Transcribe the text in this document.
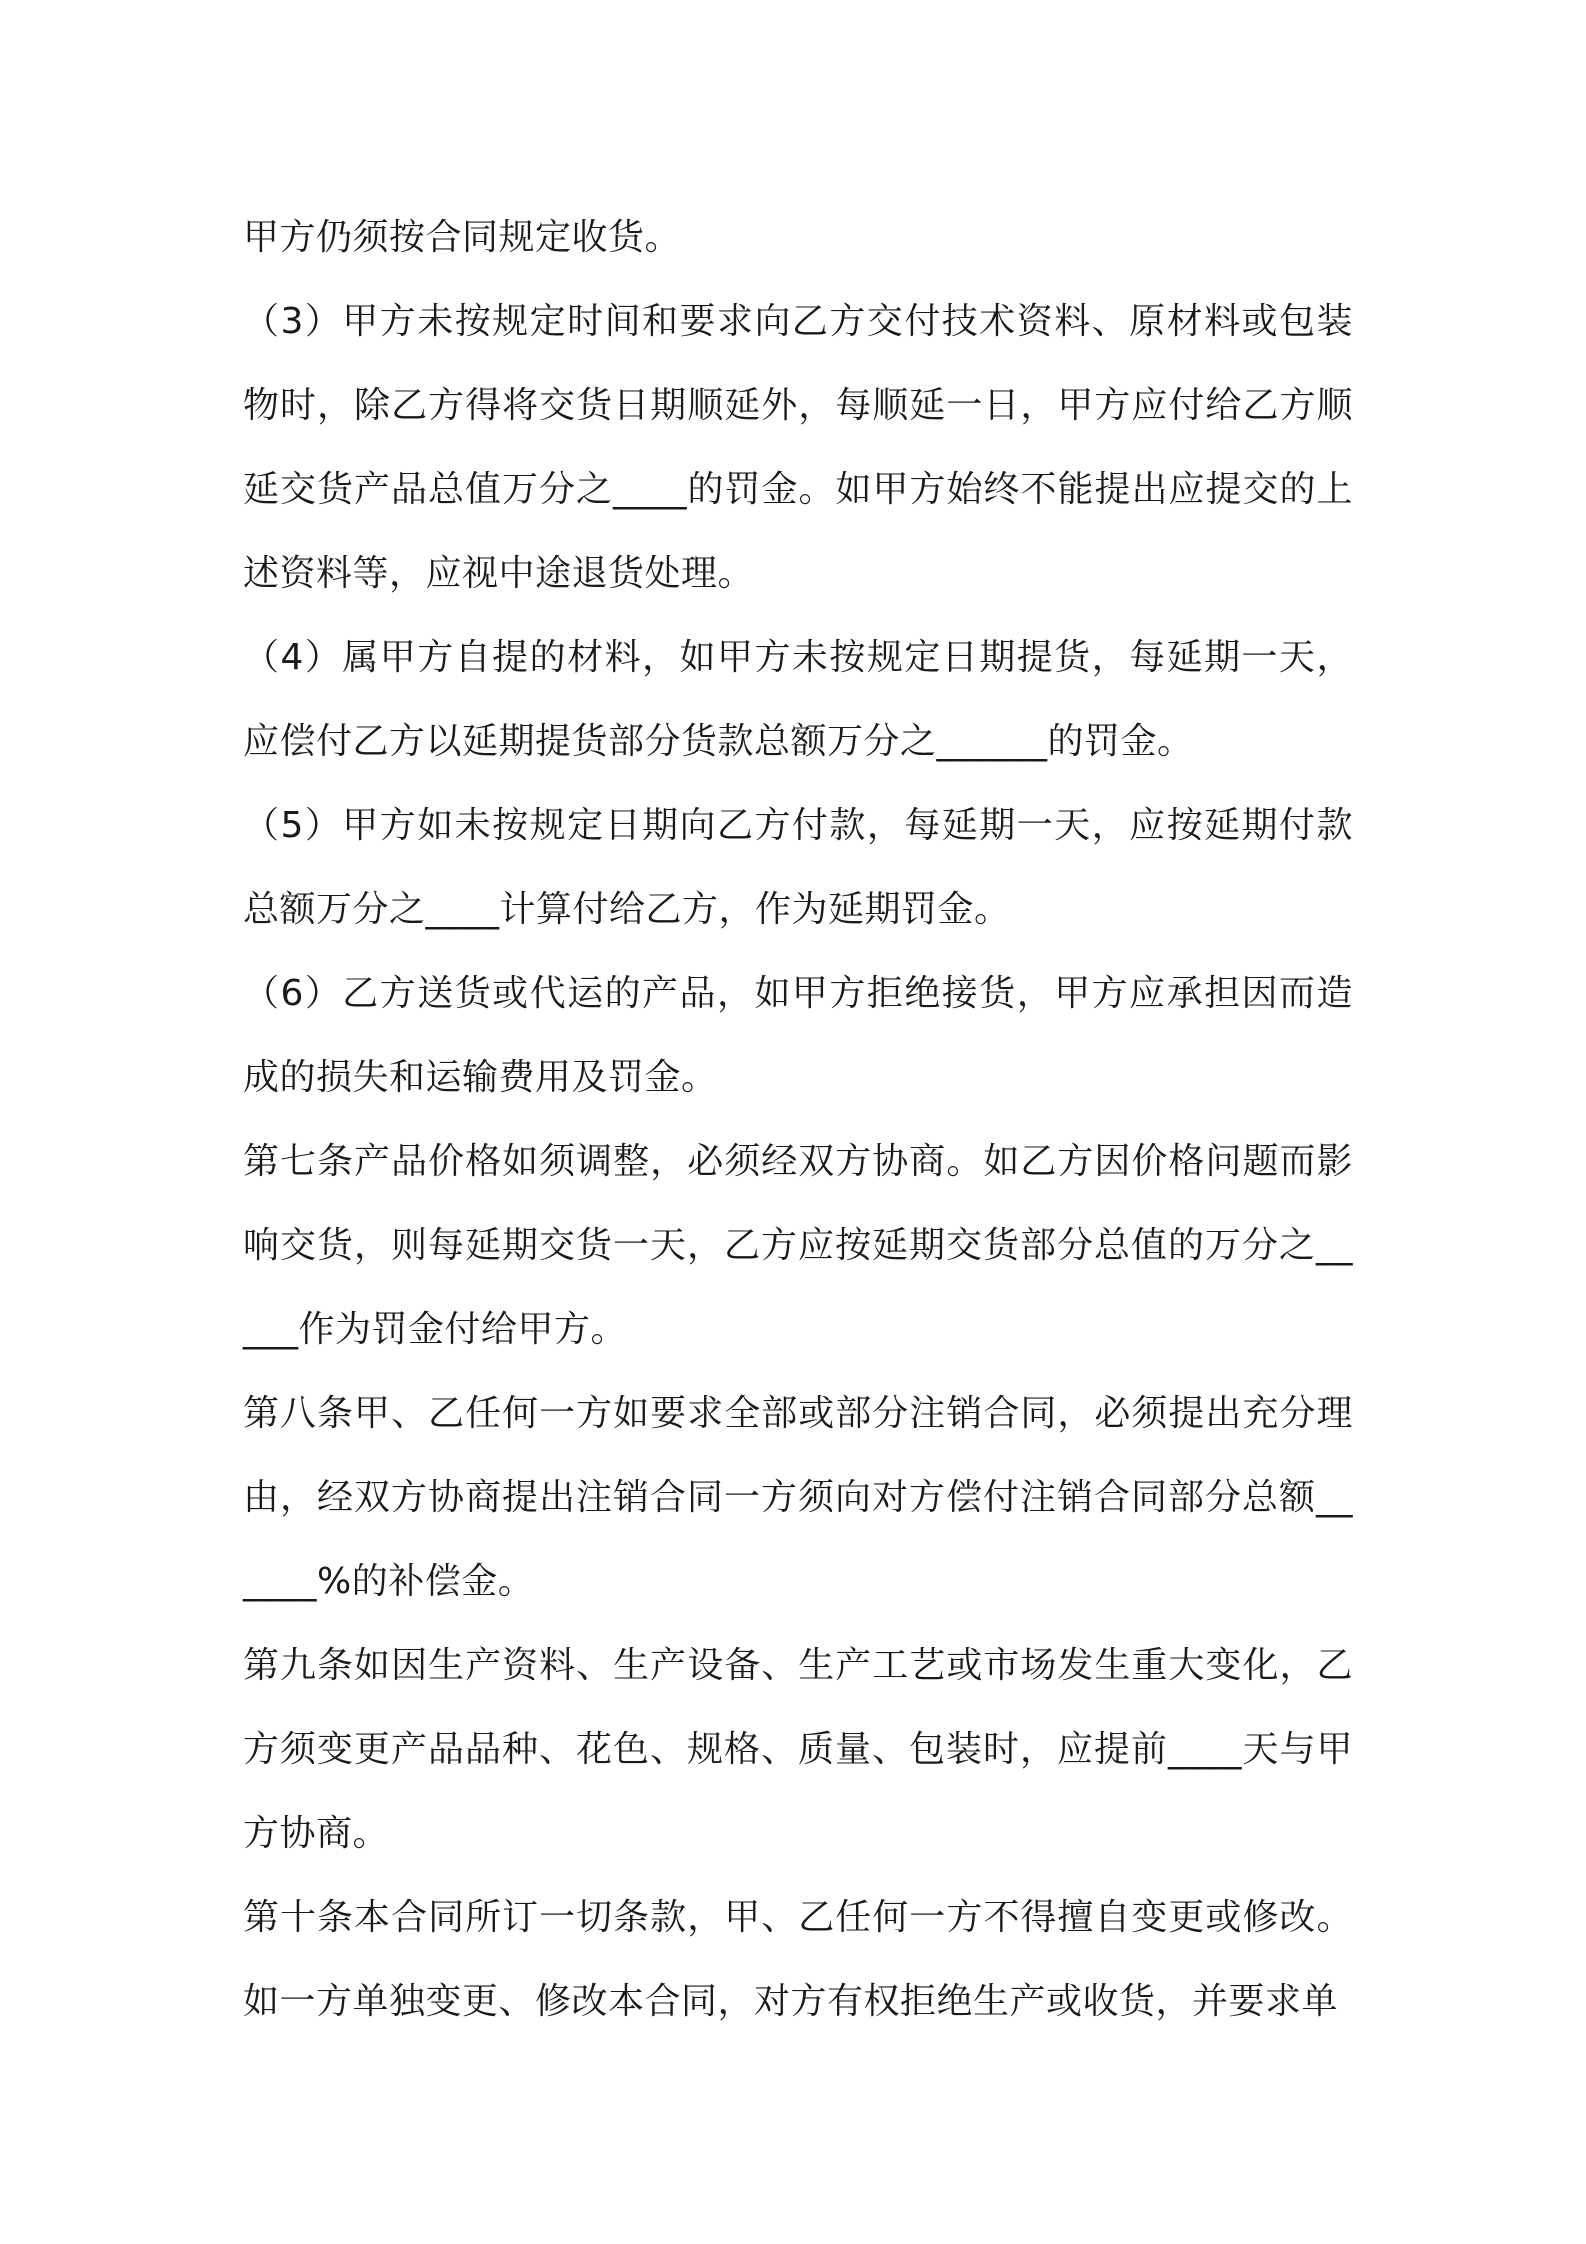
甲方仍须按合同规定收货。

（3）甲方未按规定时间和要求向乙方交付技术资料、原材料或包装物时，除乙方得将交货日期顺延外，每顺延一日，甲方应付给乙方顺延交货产品总值万分之____的罚金。如甲方始终不能提出应提交的上述资料等，应视中途退货处理。

（4）属甲方自提的材料，如甲方未按规定日期提货，每延期一天，应偿付乙方以延期提货部分货款总额万分之______的罚金。

（5）甲方如未按规定日期向乙方付款，每延期一天，应按延期付款总额万分之____计算付给乙方，作为延期罚金。

（6）乙方送货或代运的产品，如甲方拒绝接货，甲方应承担因而造成的损失和运输费用及罚金。

第七条产品价格如须调整，必须经双方协商。如乙方因价格问题而影响交货，则每延期交货一天，乙方应按延期交货部分总值的万分之_____作为罚金付给甲方。

第八条甲、乙任何一方如要求全部或部分注销合同，必须提出充分理由，经双方协商提出注销合同一方须向对方偿付注销合同部分总额______%的补偿金。

第九条如因生产资料、生产设备、生产工艺或市场发生重大变化，乙方须变更产品品种、花色、规格、质量、包装时，应提前____天与甲方协商。

第十条本合同所订一切条款，甲、乙任何一方不得擅自变更或修改。如一方单独变更、修改本合同，对方有权拒绝生产或收货，并要求单
